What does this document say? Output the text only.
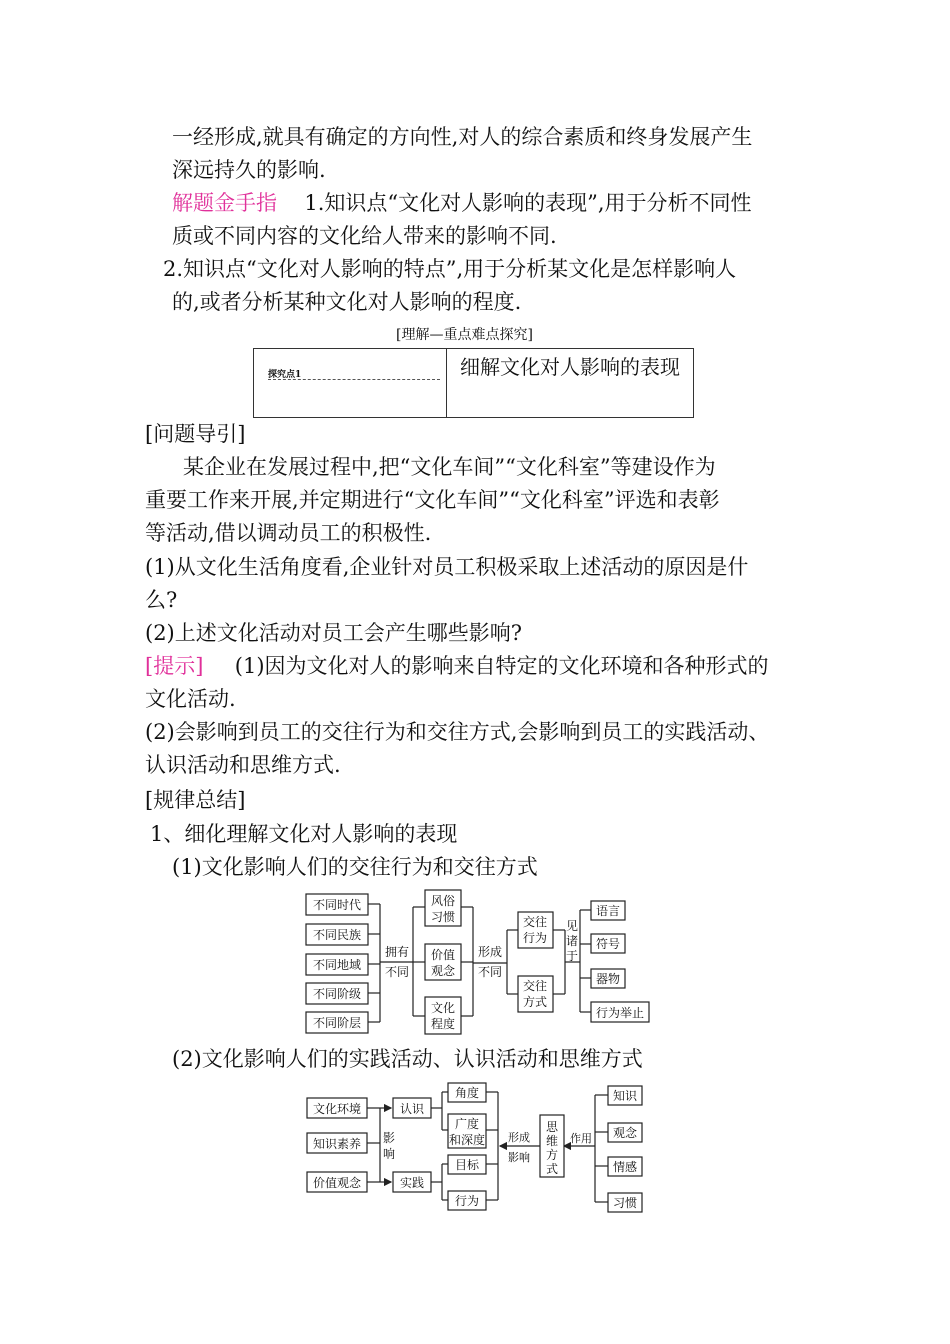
一经形成,就具有确定的方向性,对人的综合素质和终身发展产生
深远持久的影响.
解题金手指 1.知识点“文化对人影响的表现”,用于分析不同性
质或不同内容的文化给人带来的影响不同.
2.知识点“文化对人影响的特点”,用于分析某文化是怎样影响人
的,或者分析某种文化对人影响的程度.
[理解—重点难点探究]
探究点1	细解文化对人影响的表现
[问题导引]
某企业在发展过程中,把“文化车间”“文化科室”等建设作为
重要工作来开展,并定期进行“文化车间”“文化科室”评选和表彰
等活动,借以调动员工的积极性.
(1)从文化生活角度看,企业针对员工积极采取上述活动的原因是什
么?
(2)上述文化活动对员工会产生哪些影响?
[提示] (1)因为文化对人的影响来自特定的文化环境和各种形式的
文化活动.
(2)会影响到员工的交往行为和交往方式,会影响到员工的实践活动、
认识活动和思维方式.
[规律总结]
1、细化理解文化对人影响的表现
(1)文化影响人们的交往行为和交往方式
不同时代
不同民族
不同地域
不同阶级
不同阶层
拥有
不同
风俗
习惯
价值
观念
文化
程度
形成
不同
交往
行为
交往
方式
见
诸
于
语言
符号
器物
行为举止
(2)文化影响人们的实践活动、认识活动和思维方式
文化环境
知识素养
价值观念
影
响
认识
实践
角度
广度
和深度
目标
行为
形成
影响
思
维
方
式
作用
知识
观念
情感
习惯
